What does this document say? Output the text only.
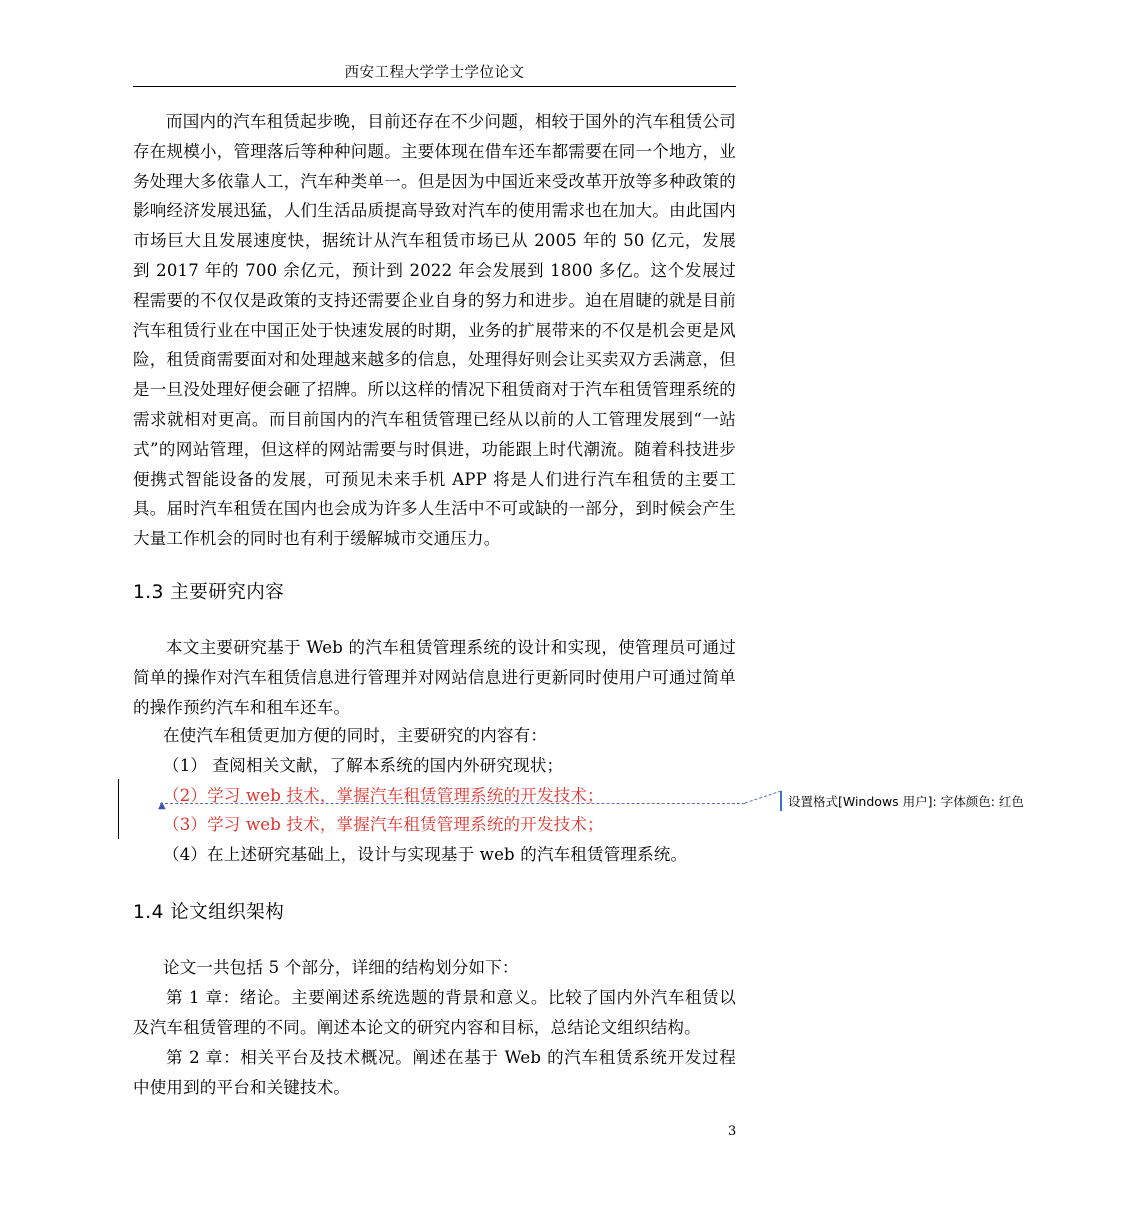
西安工程大学学士学位论文

而国内的汽车租赁起步晚，目前还存在不少问题，相较于国外的汽车租赁公司存在规模小，管理落后等种种问题。主要体现在借车还车都需要在同一个地方，业务处理大多依靠人工，汽车种类单一。但是因为中国近来受改革开放等多种政策的影响经济发展迅猛，人们生活品质提高导致对汽车的使用需求也在加大。由此国内市场巨大且发展速度快，据统计从汽车租赁市场已从 2005 年的 50 亿元，发展到 2017 年的 700 余亿元，预计到 2022 年会发展到 1800 多亿。这个发展过程需要的不仅仅是政策的支持还需要企业自身的努力和进步。迫在眉睫的就是目前汽车租赁行业在中国正处于快速发展的时期，业务的扩展带来的不仅是机会更是风险，租赁商需要面对和处理越来越多的信息，处理得好则会让买卖双方丢满意，但是一旦没处理好便会砸了招牌。所以这样的情况下租赁商对于汽车租赁管理系统的需求就相对更高。而目前国内的汽车租赁管理已经从以前的人工管理发展到“一站式”的网站管理，但这样的网站需要与时俱进，功能跟上时代潮流。随着科技进步便携式智能设备的发展，可预见未来手机 APP 将是人们进行汽车租赁的主要工具。届时汽车租赁在国内也会成为许多人生活中不可或缺的一部分，到时候会产生大量工作机会的同时也有利于缓解城市交通压力。

1.3 主要研究内容

本文主要研究基于 Web 的汽车租赁管理系统的设计和实现，使管理员可通过简单的操作对汽车租赁信息进行管理并对网站信息进行更新同时使用户可通过简单的操作预约汽车和租车还车。

在使汽车租赁更加方便的同时，主要研究的内容有：
（1） 查阅相关文献，了解本系统的国内外研究现状；
（2）学习 web 技术，掌握汽车租赁管理系统的开发技术；
（3）学习 web 技术，掌握汽车租赁管理系统的开发技术；
（4）在上述研究基础上，设计与实现基于 web 的汽车租赁管理系统。
▲	设置格式[Windows 用户]: 字体颜色: 红色
1.4 论文组织架构
论文一共包括 5 个部分，详细的结构划分如下：

第 1 章：绪论。主要阐述系统选题的背景和意义。比较了国内外汽车租赁以及汽车租赁管理的不同。阐述本论文的研究内容和目标，总结论文组织结构。

第 2 章：相关平台及技术概况。阐述在基于 Web 的汽车租赁系统开发过程中使用到的平台和关键技术。

3
